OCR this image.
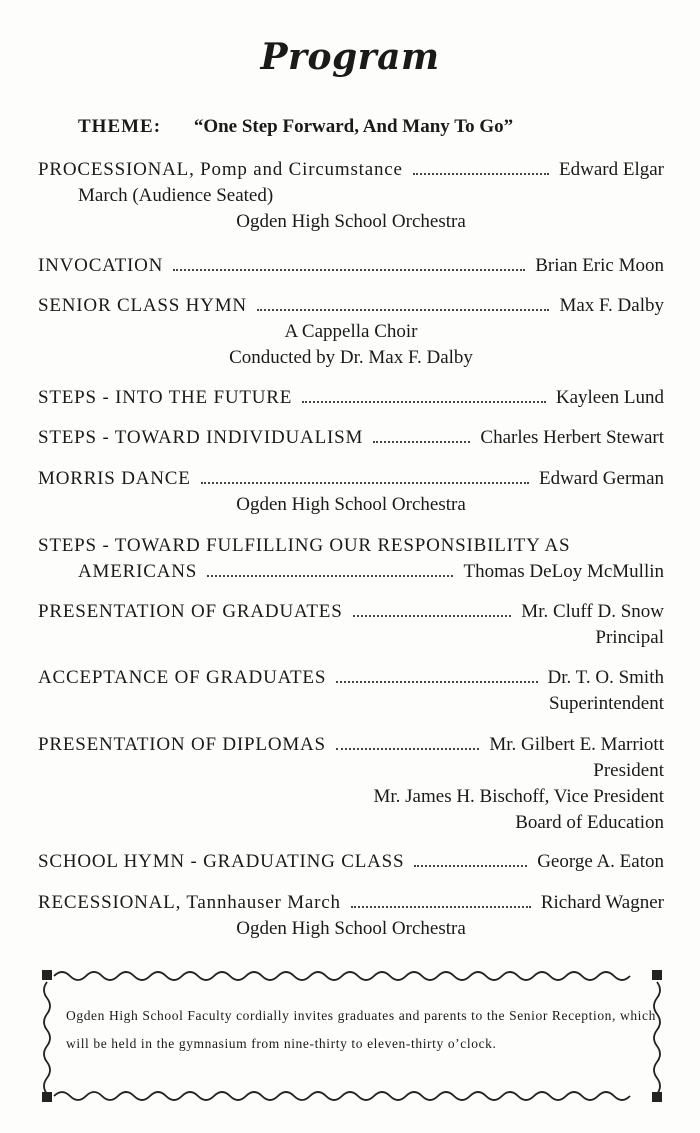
Program
THEME: “One Step Forward, And Many To Go”
PROCESSIONAL, Pomp and Circumstance	Edward Elgar
March (Audience Seated)
Ogden High School Orchestra
INVOCATION	Brian Eric Moon
SENIOR CLASS HYMN	Max F. Dalby
A Cappella Choir
Conducted by Dr. Max F. Dalby
STEPS - INTO THE FUTURE	Kayleen Lund
STEPS - TOWARD INDIVIDUALISM	Charles Herbert Stewart
MORRIS DANCE	Edward German
Ogden High School Orchestra
STEPS - TOWARD FULFILLING OUR RESPONSIBILITY AS
AMERICANS	Thomas DeLoy McMullin
PRESENTATION OF GRADUATES	Mr. Cluff D. Snow
Principal
ACCEPTANCE OF GRADUATES	Dr. T. O. Smith
Superintendent
PRESENTATION OF DIPLOMAS	Mr. Gilbert E. Marriott
President
Mr. James H. Bischoff, Vice President
Board of Education
SCHOOL HYMN - GRADUATING CLASS	George A. Eaton
RECESSIONAL, Tannhauser March	Richard Wagner
Ogden High School Orchestra
Ogden High School Faculty cordially invites graduates and parents to the Senior Reception, which will be held in the gymnasium from nine-thirty to eleven-thirty o’clock.
